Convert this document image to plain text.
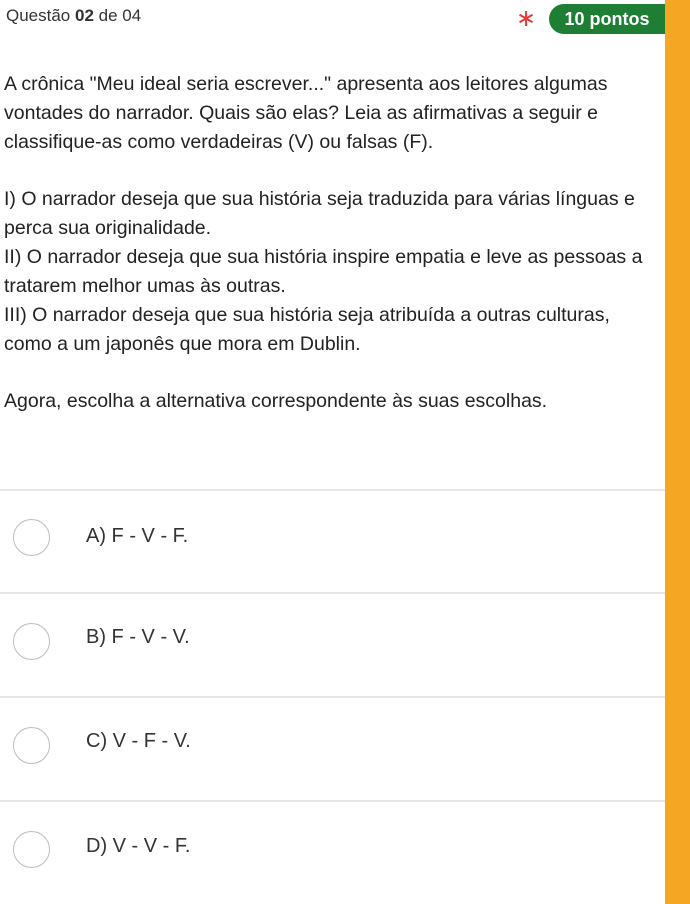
Questão 02 de 04	∗	10 pontos

A crônica "Meu ideal seria escrever..." apresenta aos leitores algumas vontades do narrador. Quais são elas? Leia as afirmativas a seguir e classifique-as como verdadeiras (V) ou falsas (F).

I) O narrador deseja que sua história seja traduzida para várias línguas e perca sua originalidade.

II) O narrador deseja que sua história inspire empatia e leve as pessoas a tratarem melhor umas às outras.

III) O narrador deseja que sua história seja atribuída a outras culturas, como a um japonês que mora em Dublin.

Agora, escolha a alternativa correspondente às suas escolhas.

A) F - V - F.
B) F - V - V.
C) V - F - V.
D) V - V - F.
